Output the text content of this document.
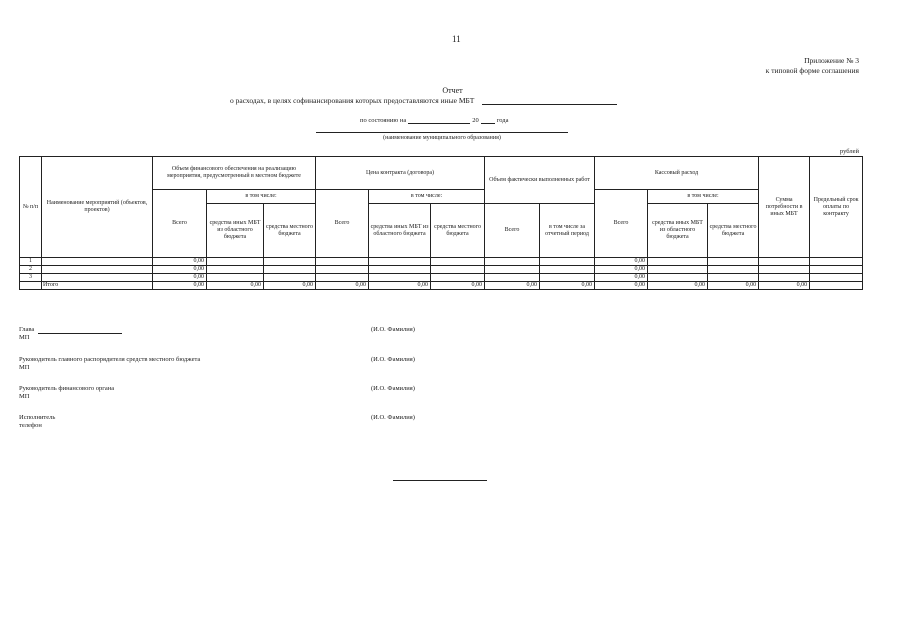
11
Приложение № 3
к типовой форме соглашения
Отчет
о расходах, в целях софинансирования которых предоставляются иные МБТ
по состоянию на	20	года
(наименование муниципального образования)
рублей
№ п/п	Наименование мероприятий (объектов, проектов)	Объем финансового обеспечения на реализацию мероприятия, предусмотренный в местном бюджете			Цена контракта (договора)			Объем фактически выполненных работ		Кассовый расход			Сумма потребности в иных МБТ	Предельный срок оплаты по контракту
		Всего	в том числе:		Всего	в том числе:				Всего	в том числе:			
			средства иных МБТ из областного бюджета	средства местного бюджета		средства иных МБТ из областного бюджета	средства местного бюджета	Всего	в том числе за отчетный период		средства иных МБТ из областного бюджета	средства местного бюджета		
1		0,00								0,00				
2		0,00								0,00				
3		0,00								0,00				
	Итого	0,00	0,00	0,00	0,00	0,00	0,00	0,00	0,00	0,00	0,00	0,00	0,00	
Глава
МП
(И.О. Фамилия)
Руководитель главного распорядителя средств местного бюджета
МП
(И.О. Фамилия)
Руководитель финансового органа
МП
(И.О. Фамилия)
Исполнитель
телефон
(И.О. Фамилия)
